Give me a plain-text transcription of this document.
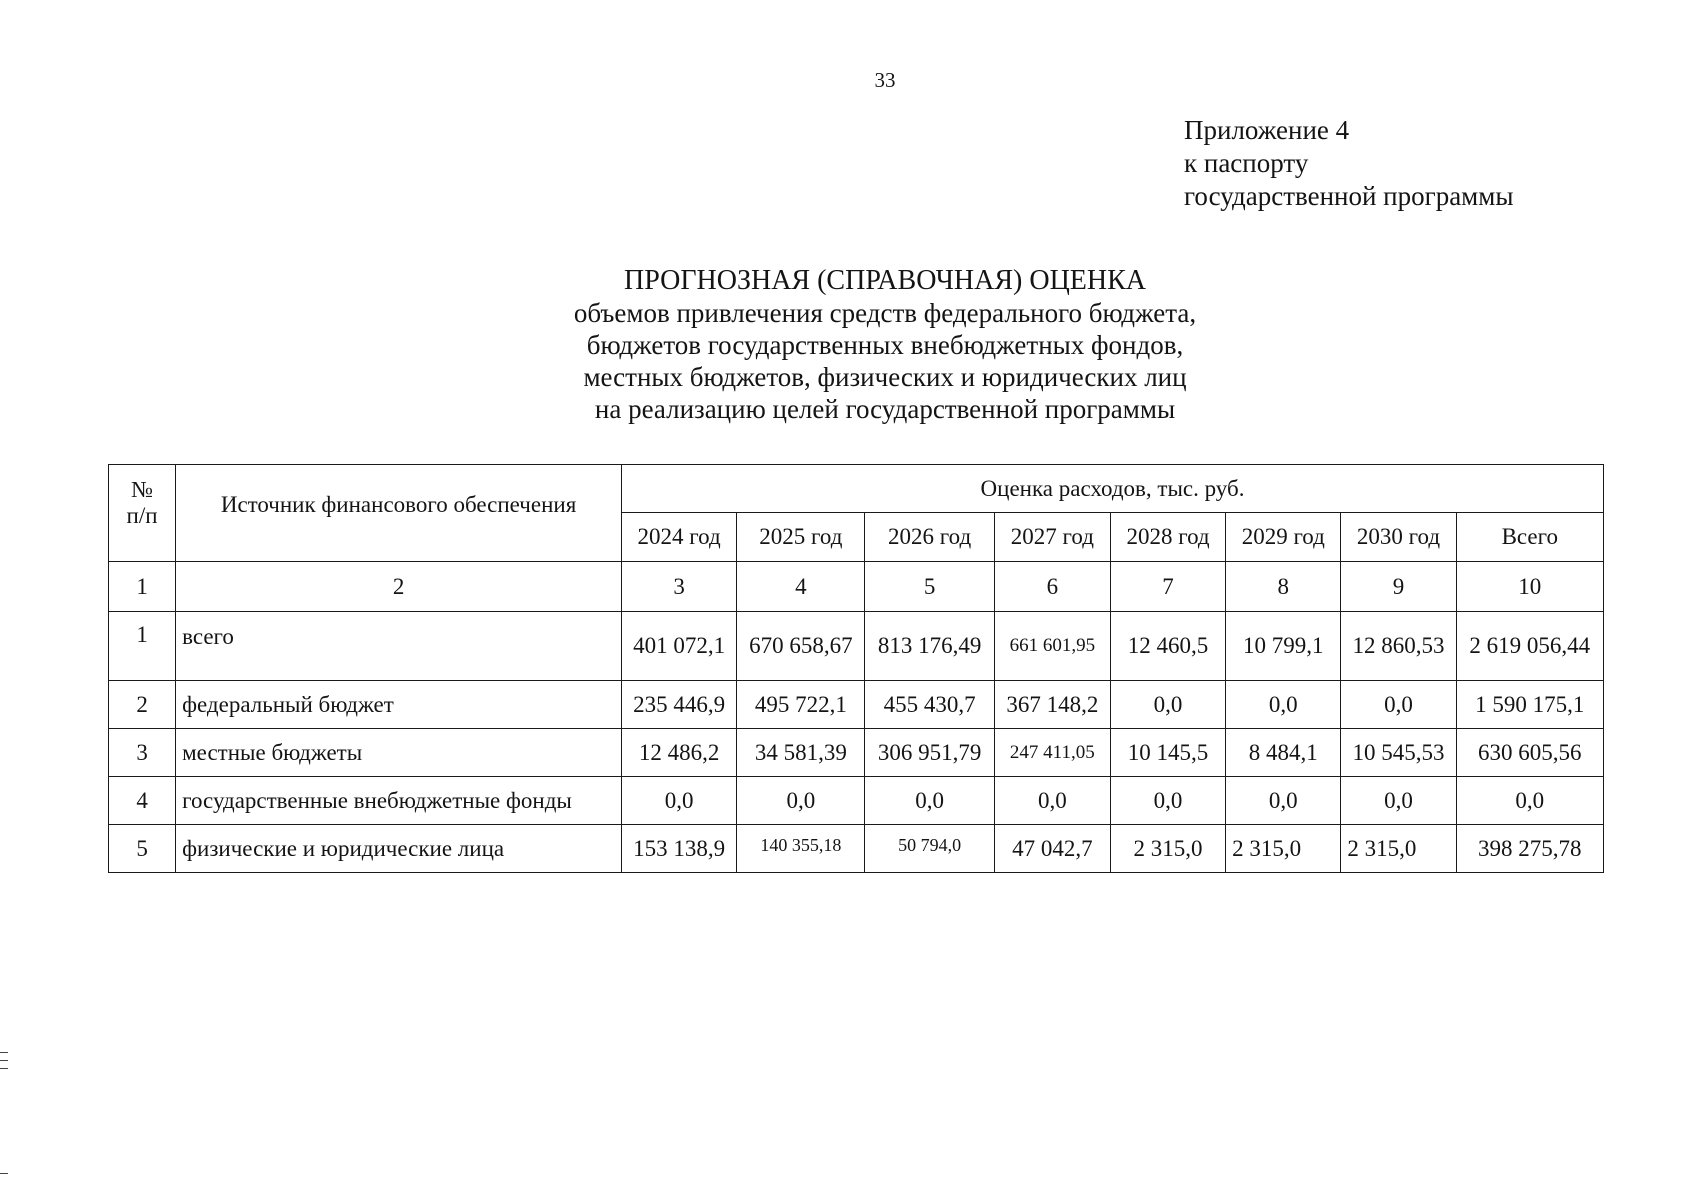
33
Приложение 4
к паспорту
государственной программы
ПРОГНОЗНАЯ (СПРАВОЧНАЯ) ОЦЕНКА
объемов привлечения средств федерального бюджета,
бюджетов государственных внебюджетных фондов,
местных бюджетов, физических и юридических лиц
на реализацию целей государственной программы
№ п/п	Источник финансового обеспечения	Оценка расходов, тыс. руб.							
		2024 год	2025 год	2026 год	2027 год	2028 год	2029 год	2030 год	Всего
1	2	3	4	5	6	7	8	9	10
1	всего	401 072,1	670 658,67	813 176,49	661 601,95	12 460,5	10 799,1	12 860,53	2 619 056,44
2	федеральный бюджет	235 446,9	495 722,1	455 430,7	367 148,2	0,0	0,0	0,0	1 590 175,1
3	местные бюджеты	12 486,2	34 581,39	306 951,79	247 411,05	10 145,5	8 484,1	10 545,53	630 605,56
4	государственные внебюджетные фонды	0,0	0,0	0,0	0,0	0,0	0,0	0,0	0,0
5	физические и юридические лица	153 138,9	140 355,18	50 794,0	47 042,7	2 315,0	2 315,0	2 315,0	398 275,78
